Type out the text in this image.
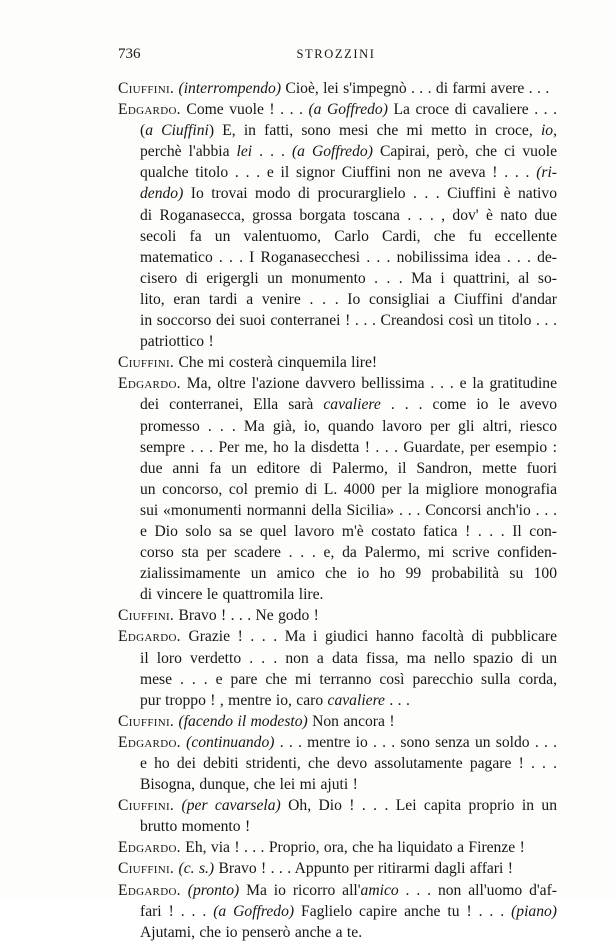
736	STROZZINI
Ciuffini. (interrompendo) Cioè, lei s'impegnò . . . di farmi avere . . .
Edgardo. Come vuole ! . . . (a Goffredo) La croce di cavaliere . . .
(a Ciuffini) E, in fatti, sono mesi che mi metto in croce, io,
perchè l'abbia lei . . . (a Goffredo) Capirai, però, che ci vuole
qualche titolo . . . e il signor Ciuffini non ne aveva ! . . . (ri-
dendo) Io trovai modo di procurarglielo . . . Ciuffini è nativo
di Roganasecca, grossa borgata toscana . . . , dov' è nato due
secoli fa un valentuomo, Carlo Cardi, che fu eccellente
matematico . . . I Roganasecchesi . . . nobilissima idea . . . de-
cisero di erigergli un monumento . . . Ma i quattrini, al so-
lito, eran tardi a venire . . . Io consigliai a Ciuffini d'andar
in soccorso dei suoi conterranei ! . . . Creandosi così un titolo . . .
patriottico !
Ciuffini. Che mi costerà cinquemila lire!
Edgardo. Ma, oltre l'azione davvero bellissima . . . e la gratitudine
dei conterranei, Ella sarà cavaliere . . . come io le avevo
promesso . . . Ma già, io, quando lavoro per gli altri, riesco
sempre . . . Per me, ho la disdetta ! . . . Guardate, per esempio :
due anni fa un editore di Palermo, il Sandron, mette fuori
un concorso, col premio di L. 4000 per la migliore monografia
sui «monumenti normanni della Sicilia» . . . Concorsi anch'io . . .
e Dio solo sa se quel lavoro m'è costato fatica ! . . . Il con-
corso sta per scadere . . . e, da Palermo, mi scrive confiden-
zialissimamente un amico che io ho 99 probabilità su 100
di vincere le quattromila lire.
Ciuffini. Bravo ! . . . Ne godo !
Edgardo. Grazie ! . . . Ma i giudici hanno facoltà di pubblicare
il loro verdetto . . . non a data fissa, ma nello spazio di un
mese . . . e pare che mi terranno così parecchio sulla corda,
pur troppo ! , mentre io, caro cavaliere . . .
Ciuffini. (facendo il modesto) Non ancora !
Edgardo. (continuando) . . . mentre io . . . sono senza un soldo . . .
e ho dei debiti stridenti, che devo assolutamente pagare ! . . .
Bisogna, dunque, che lei mi ajuti !
Ciuffini. (per cavarsela) Oh, Dio ! . . . Lei capita proprio in un
brutto momento !
Edgardo. Eh, via ! . . . Proprio, ora, che ha liquidato a Firenze !
Ciuffini. (c. s.) Bravo ! . . . Appunto per ritirarmi dagli affari !
Edgardo. (pronto) Ma io ricorro all'amico . . . non all'uomo d'af-
fari ! . . . (a Goffredo) Faglielo capire anche tu ! . . . (piano)
Ajutami, che io penserò anche a te.
